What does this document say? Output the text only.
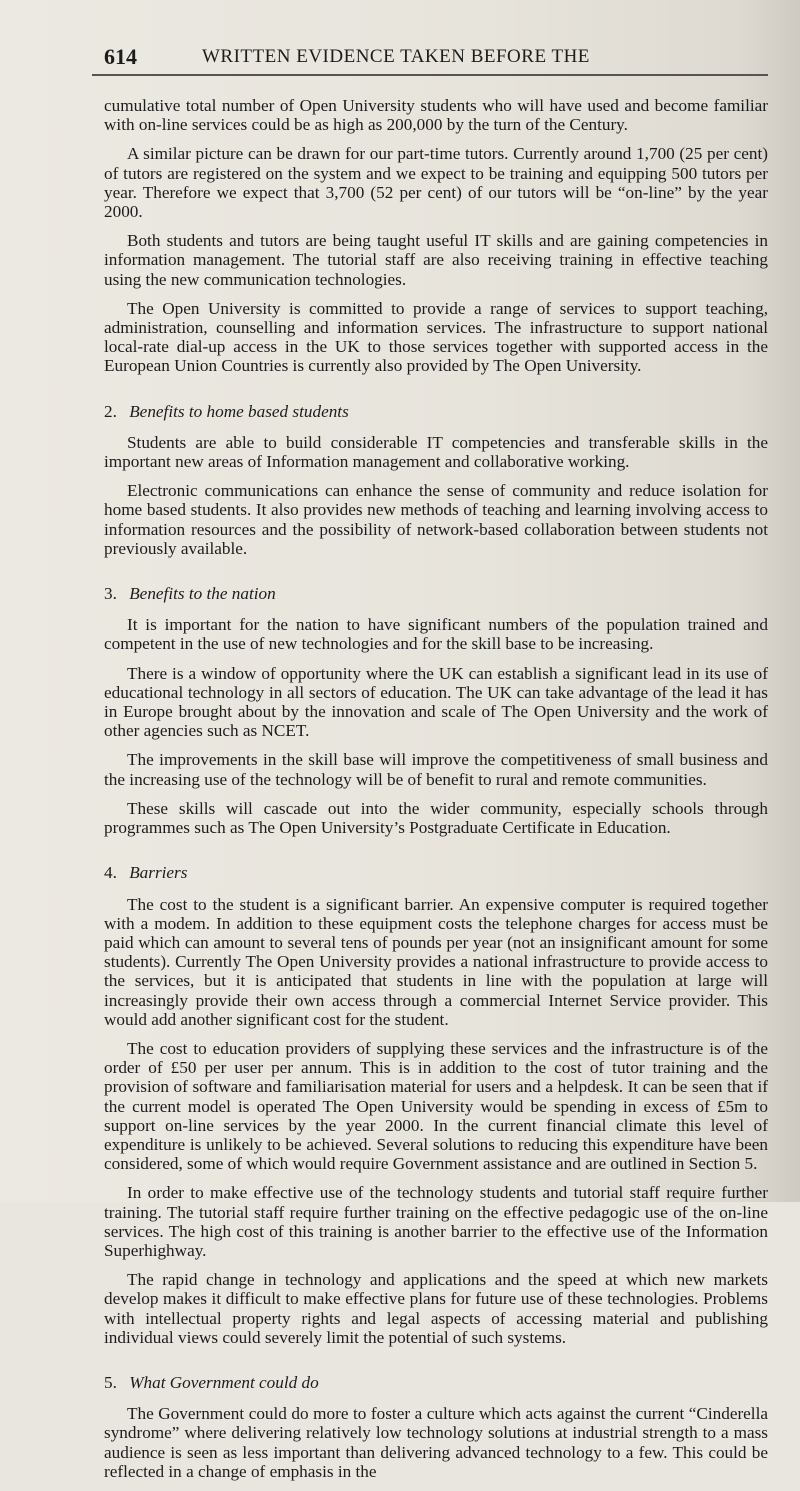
614	WRITTEN EVIDENCE TAKEN BEFORE THE

cumulative total number of Open University students who will have used and become familiar with on-line services could be as high as 200,000 by the turn of the Century.

A similar picture can be drawn for our part-time tutors. Currently around 1,700 (25 per cent) of tutors are registered on the system and we expect to be training and equipping 500 tutors per year. Therefore we expect that 3,700 (52 per cent) of our tutors will be “on-line” by the year 2000.

Both students and tutors are being taught useful IT skills and are gaining competencies in information management. The tutorial staff are also receiving training in effective teaching using the new communication technologies.

The Open University is committed to provide a range of services to support teaching, administration, counselling and information services. The infrastructure to support national local-rate dial-up access in the UK to those services together with supported access in the European Union Countries is currently also provided by The Open University.

2. Benefits to home based students

Students are able to build considerable IT competencies and transferable skills in the important new areas of Information management and collaborative working.

Electronic communications can enhance the sense of community and reduce isolation for home based students. It also provides new methods of teaching and learning involving access to information resources and the possibility of network-based collaboration between students not previously available.

3. Benefits to the nation

It is important for the nation to have significant numbers of the population trained and competent in the use of new technologies and for the skill base to be increasing.

There is a window of opportunity where the UK can establish a significant lead in its use of educational technology in all sectors of education. The UK can take advantage of the lead it has in Europe brought about by the innovation and scale of The Open University and the work of other agencies such as NCET.

The improvements in the skill base will improve the competitiveness of small business and the increasing use of the technology will be of benefit to rural and remote communities.

These skills will cascade out into the wider community, especially schools through programmes such as The Open University’s Postgraduate Certificate in Education.

4. Barriers

The cost to the student is a significant barrier. An expensive computer is required together with a modem. In addition to these equipment costs the telephone charges for access must be paid which can amount to several tens of pounds per year (not an insignificant amount for some students). Currently The Open University provides a national infrastructure to provide access to the services, but it is anticipated that students in line with the population at large will increasingly provide their own access through a commercial Internet Service provider. This would add another significant cost for the student.

The cost to education providers of supplying these services and the infrastructure is of the order of £50 per user per annum. This is in addition to the cost of tutor training and the provision of software and familiarisation material for users and a helpdesk. It can be seen that if the current model is operated The Open University would be spending in excess of £5m to support on-line services by the year 2000. In the current financial climate this level of expenditure is unlikely to be achieved. Several solutions to reducing this expenditure have been considered, some of which would require Government assistance and are outlined in Section 5.

In order to make effective use of the technology students and tutorial staff require further training. The tutorial staff require further training on the effective pedagogic use of the on-line services. The high cost of this training is another barrier to the effective use of the Information Superhighway.

The rapid change in technology and applications and the speed at which new markets develop makes it difficult to make effective plans for future use of these technologies. Problems with intellectual property rights and legal aspects of accessing material and publishing individual views could severely limit the potential of such systems.

5. What Government could do

The Government could do more to foster a culture which acts against the current “Cinderella syndrome” where delivering relatively low technology solutions at industrial strength to a mass audience is seen as less important than delivering advanced technology to a few. This could be reflected in a change of emphasis in the
